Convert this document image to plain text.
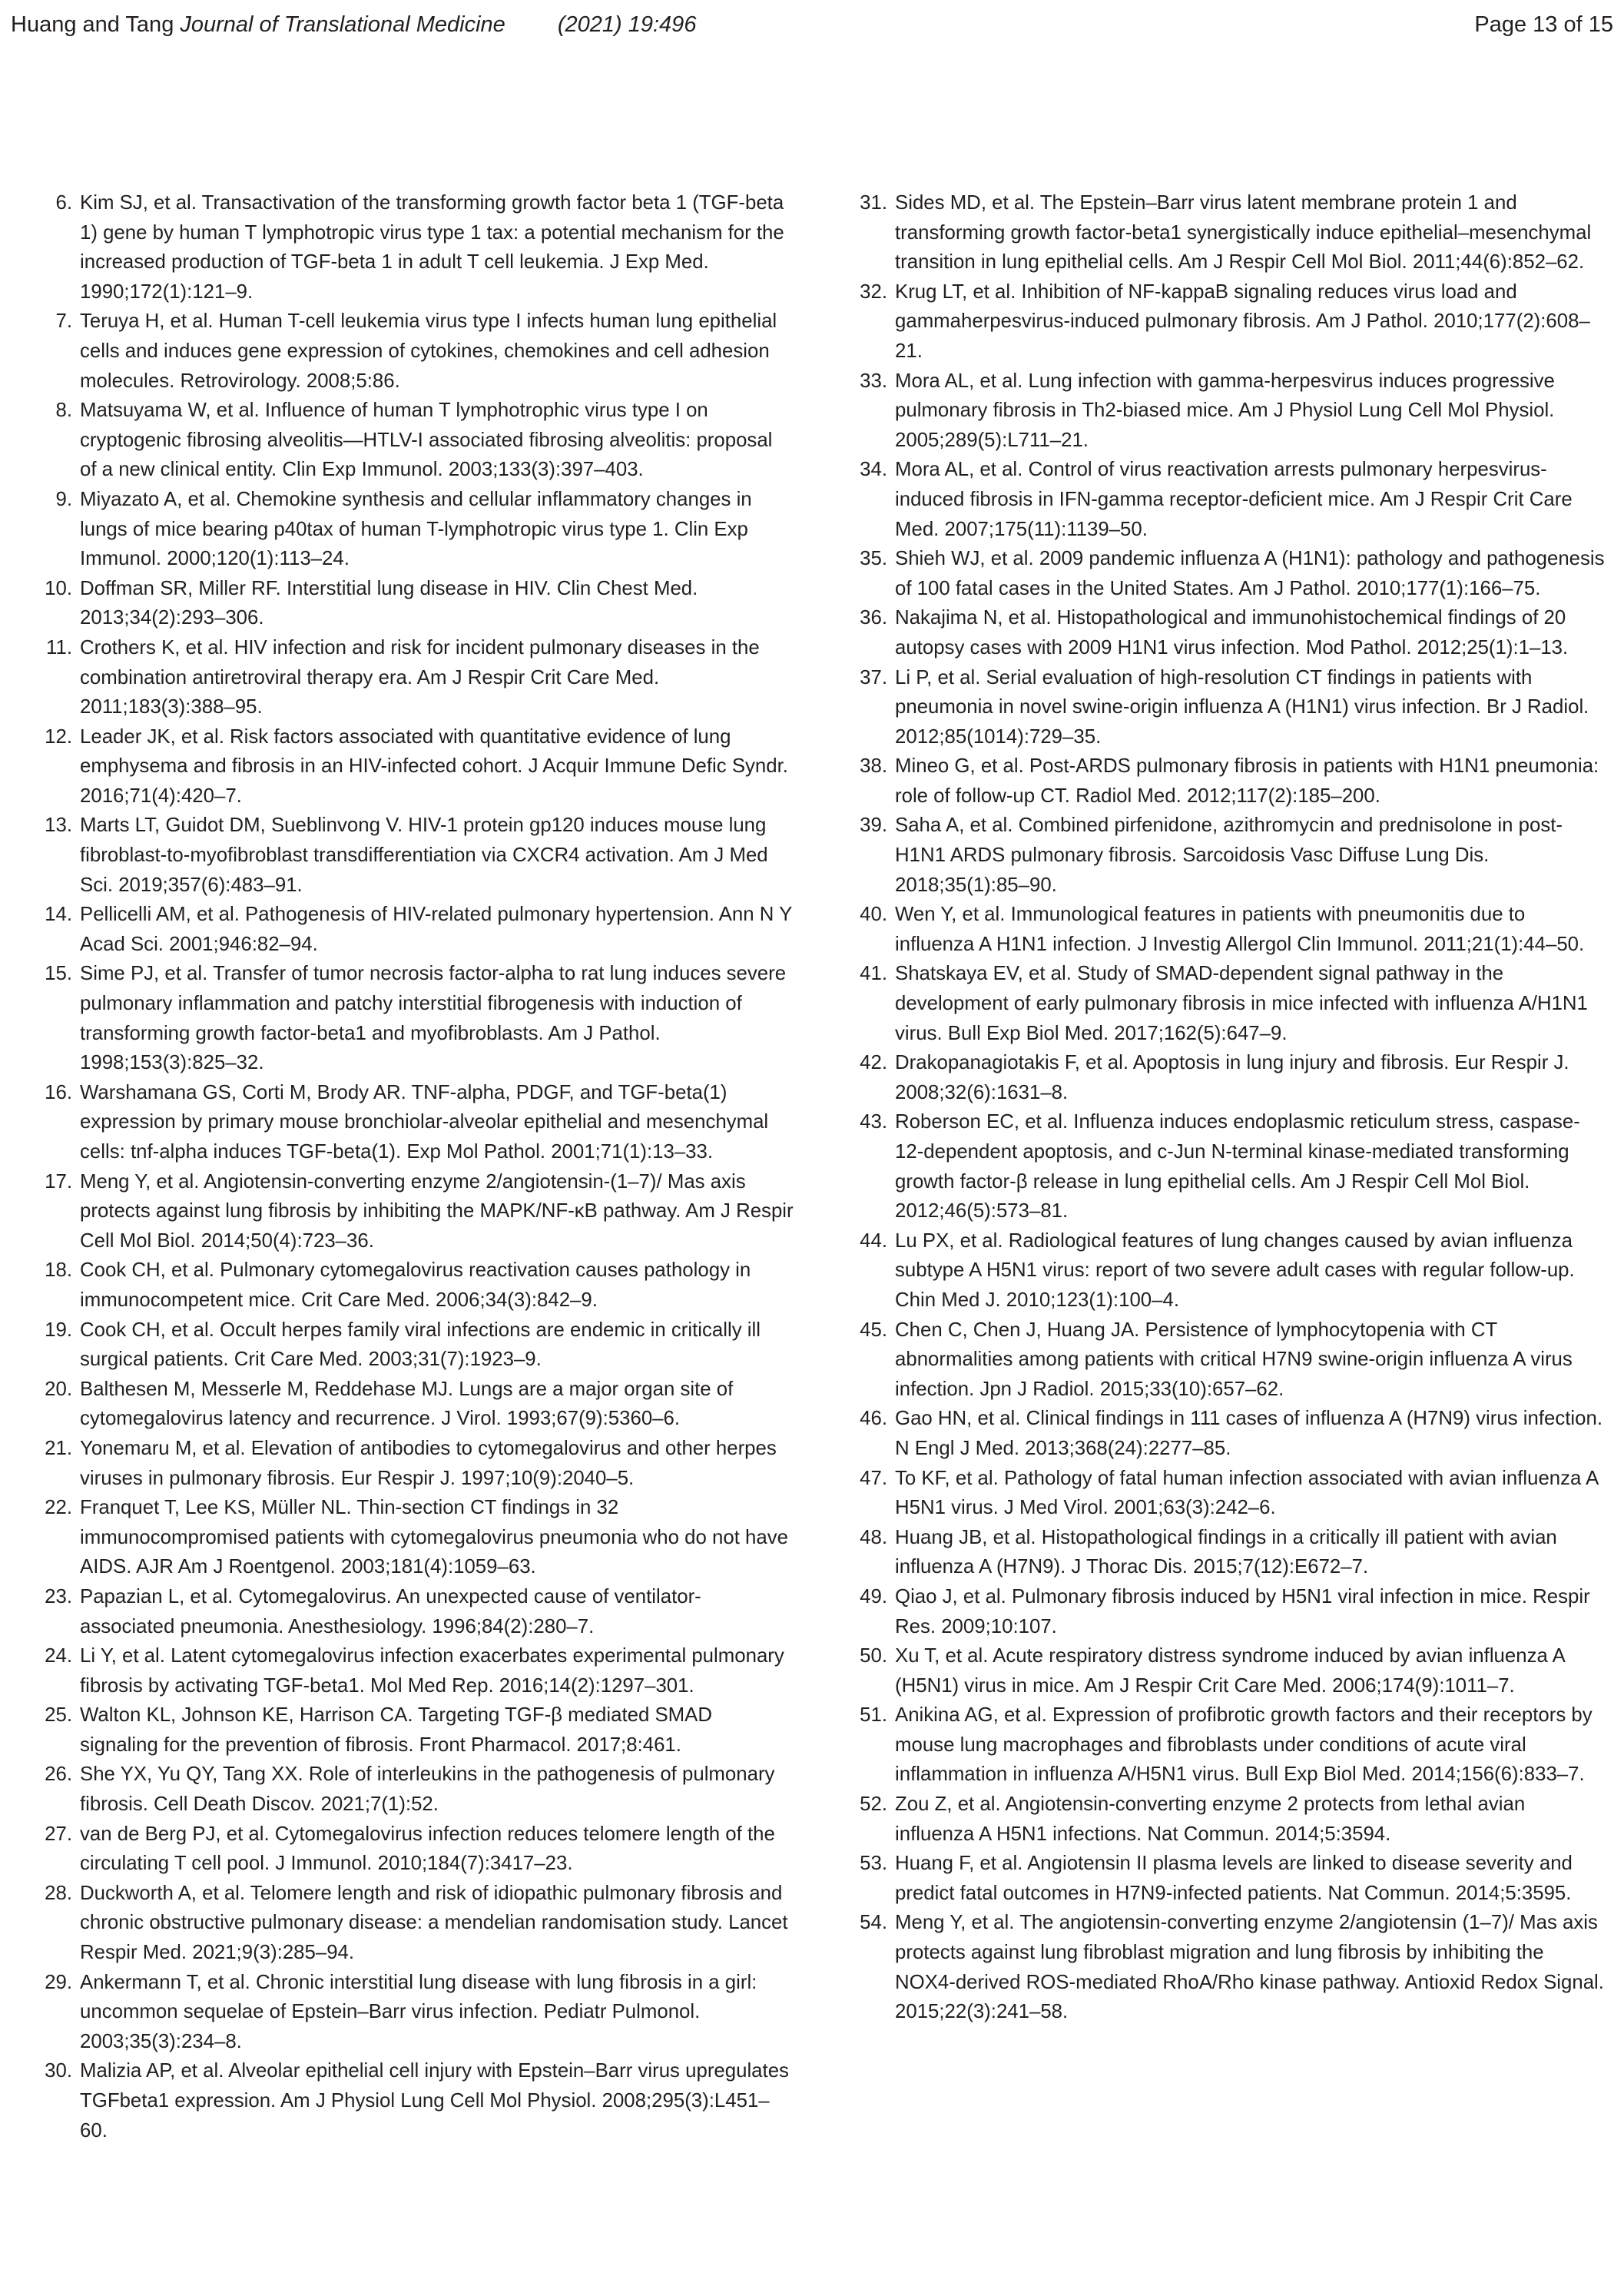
Huang and Tang Journal of Translational Medicine (2021) 19:496	Page 13 of 15
6. Kim SJ, et al. Transactivation of the transforming growth factor beta 1 (TGF-beta 1) gene by human T lymphotropic virus type 1 tax: a potential mechanism for the increased production of TGF-beta 1 in adult T cell leukemia. J Exp Med. 1990;172(1):121–9.
7. Teruya H, et al. Human T-cell leukemia virus type I infects human lung epithelial cells and induces gene expression of cytokines, chemokines and cell adhesion molecules. Retrovirology. 2008;5:86.
8. Matsuyama W, et al. Influence of human T lymphotrophic virus type I on cryptogenic fibrosing alveolitis—HTLV-I associated fibrosing alveolitis: proposal of a new clinical entity. Clin Exp Immunol. 2003;133(3):397–403.
9. Miyazato A, et al. Chemokine synthesis and cellular inflammatory changes in lungs of mice bearing p40tax of human T-lymphotropic virus type 1. Clin Exp Immunol. 2000;120(1):113–24.
10. Doffman SR, Miller RF. Interstitial lung disease in HIV. Clin Chest Med. 2013;34(2):293–306.
11. Crothers K, et al. HIV infection and risk for incident pulmonary diseases in the combination antiretroviral therapy era. Am J Respir Crit Care Med. 2011;183(3):388–95.
12. Leader JK, et al. Risk factors associated with quantitative evidence of lung emphysema and fibrosis in an HIV-infected cohort. J Acquir Immune Defic Syndr. 2016;71(4):420–7.
13. Marts LT, Guidot DM, Sueblinvong V. HIV-1 protein gp120 induces mouse lung fibroblast-to-myofibroblast transdifferentiation via CXCR4 activation. Am J Med Sci. 2019;357(6):483–91.
14. Pellicelli AM, et al. Pathogenesis of HIV-related pulmonary hypertension. Ann N Y Acad Sci. 2001;946:82–94.
15. Sime PJ, et al. Transfer of tumor necrosis factor-alpha to rat lung induces severe pulmonary inflammation and patchy interstitial fibrogenesis with induction of transforming growth factor-beta1 and myofibroblasts. Am J Pathol. 1998;153(3):825–32.
16. Warshamana GS, Corti M, Brody AR. TNF-alpha, PDGF, and TGF-beta(1) expression by primary mouse bronchiolar-alveolar epithelial and mesenchymal cells: tnf-alpha induces TGF-beta(1). Exp Mol Pathol. 2001;71(1):13–33.
17. Meng Y, et al. Angiotensin-converting enzyme 2/angiotensin-(1–7)/ Mas axis protects against lung fibrosis by inhibiting the MAPK/NF-κB pathway. Am J Respir Cell Mol Biol. 2014;50(4):723–36.
18. Cook CH, et al. Pulmonary cytomegalovirus reactivation causes pathology in immunocompetent mice. Crit Care Med. 2006;34(3):842–9.
19. Cook CH, et al. Occult herpes family viral infections are endemic in critically ill surgical patients. Crit Care Med. 2003;31(7):1923–9.
20. Balthesen M, Messerle M, Reddehase MJ. Lungs are a major organ site of cytomegalovirus latency and recurrence. J Virol. 1993;67(9):5360–6.
21. Yonemaru M, et al. Elevation of antibodies to cytomegalovirus and other herpes viruses in pulmonary fibrosis. Eur Respir J. 1997;10(9):2040–5.
22. Franquet T, Lee KS, Müller NL. Thin-section CT findings in 32 immunocompromised patients with cytomegalovirus pneumonia who do not have AIDS. AJR Am J Roentgenol. 2003;181(4):1059–63.
23. Papazian L, et al. Cytomegalovirus. An unexpected cause of ventilator-associated pneumonia. Anesthesiology. 1996;84(2):280–7.
24. Li Y, et al. Latent cytomegalovirus infection exacerbates experimental pulmonary fibrosis by activating TGF-beta1. Mol Med Rep. 2016;14(2):1297–301.
25. Walton KL, Johnson KE, Harrison CA. Targeting TGF-β mediated SMAD signaling for the prevention of fibrosis. Front Pharmacol. 2017;8:461.
26. She YX, Yu QY, Tang XX. Role of interleukins in the pathogenesis of pulmonary fibrosis. Cell Death Discov. 2021;7(1):52.
27. van de Berg PJ, et al. Cytomegalovirus infection reduces telomere length of the circulating T cell pool. J Immunol. 2010;184(7):3417–23.
28. Duckworth A, et al. Telomere length and risk of idiopathic pulmonary fibrosis and chronic obstructive pulmonary disease: a mendelian randomisation study. Lancet Respir Med. 2021;9(3):285–94.
29. Ankermann T, et al. Chronic interstitial lung disease with lung fibrosis in a girl: uncommon sequelae of Epstein–Barr virus infection. Pediatr Pulmonol. 2003;35(3):234–8.
30. Malizia AP, et al. Alveolar epithelial cell injury with Epstein–Barr virus upregulates TGFbeta1 expression. Am J Physiol Lung Cell Mol Physiol. 2008;295(3):L451–60.
31. Sides MD, et al. The Epstein–Barr virus latent membrane protein 1 and transforming growth factor-beta1 synergistically induce epithelial–mesenchymal transition in lung epithelial cells. Am J Respir Cell Mol Biol. 2011;44(6):852–62.
32. Krug LT, et al. Inhibition of NF-kappaB signaling reduces virus load and gammaherpesvirus-induced pulmonary fibrosis. Am J Pathol. 2010;177(2):608–21.
33. Mora AL, et al. Lung infection with gamma-herpesvirus induces progressive pulmonary fibrosis in Th2-biased mice. Am J Physiol Lung Cell Mol Physiol. 2005;289(5):L711–21.
34. Mora AL, et al. Control of virus reactivation arrests pulmonary herpesvirus-induced fibrosis in IFN-gamma receptor-deficient mice. Am J Respir Crit Care Med. 2007;175(11):1139–50.
35. Shieh WJ, et al. 2009 pandemic influenza A (H1N1): pathology and pathogenesis of 100 fatal cases in the United States. Am J Pathol. 2010;177(1):166–75.
36. Nakajima N, et al. Histopathological and immunohistochemical findings of 20 autopsy cases with 2009 H1N1 virus infection. Mod Pathol. 2012;25(1):1–13.
37. Li P, et al. Serial evaluation of high-resolution CT findings in patients with pneumonia in novel swine-origin influenza A (H1N1) virus infection. Br J Radiol. 2012;85(1014):729–35.
38. Mineo G, et al. Post-ARDS pulmonary fibrosis in patients with H1N1 pneumonia: role of follow-up CT. Radiol Med. 2012;117(2):185–200.
39. Saha A, et al. Combined pirfenidone, azithromycin and prednisolone in post-H1N1 ARDS pulmonary fibrosis. Sarcoidosis Vasc Diffuse Lung Dis. 2018;35(1):85–90.
40. Wen Y, et al. Immunological features in patients with pneumonitis due to influenza A H1N1 infection. J Investig Allergol Clin Immunol. 2011;21(1):44–50.
41. Shatskaya EV, et al. Study of SMAD-dependent signal pathway in the development of early pulmonary fibrosis in mice infected with influenza A/H1N1 virus. Bull Exp Biol Med. 2017;162(5):647–9.
42. Drakopanagiotakis F, et al. Apoptosis in lung injury and fibrosis. Eur Respir J. 2008;32(6):1631–8.
43. Roberson EC, et al. Influenza induces endoplasmic reticulum stress, caspase-12-dependent apoptosis, and c-Jun N-terminal kinase-mediated transforming growth factor-β release in lung epithelial cells. Am J Respir Cell Mol Biol. 2012;46(5):573–81.
44. Lu PX, et al. Radiological features of lung changes caused by avian influenza subtype A H5N1 virus: report of two severe adult cases with regular follow-up. Chin Med J. 2010;123(1):100–4.
45. Chen C, Chen J, Huang JA. Persistence of lymphocytopenia with CT abnormalities among patients with critical H7N9 swine-origin influenza A virus infection. Jpn J Radiol. 2015;33(10):657–62.
46. Gao HN, et al. Clinical findings in 111 cases of influenza A (H7N9) virus infection. N Engl J Med. 2013;368(24):2277–85.
47. To KF, et al. Pathology of fatal human infection associated with avian influenza A H5N1 virus. J Med Virol. 2001;63(3):242–6.
48. Huang JB, et al. Histopathological findings in a critically ill patient with avian influenza A (H7N9). J Thorac Dis. 2015;7(12):E672–7.
49. Qiao J, et al. Pulmonary fibrosis induced by H5N1 viral infection in mice. Respir Res. 2009;10:107.
50. Xu T, et al. Acute respiratory distress syndrome induced by avian influenza A (H5N1) virus in mice. Am J Respir Crit Care Med. 2006;174(9):1011–7.
51. Anikina AG, et al. Expression of profibrotic growth factors and their receptors by mouse lung macrophages and fibroblasts under conditions of acute viral inflammation in influenza A/H5N1 virus. Bull Exp Biol Med. 2014;156(6):833–7.
52. Zou Z, et al. Angiotensin-converting enzyme 2 protects from lethal avian influenza A H5N1 infections. Nat Commun. 2014;5:3594.
53. Huang F, et al. Angiotensin II plasma levels are linked to disease severity and predict fatal outcomes in H7N9-infected patients. Nat Commun. 2014;5:3595.
54. Meng Y, et al. The angiotensin-converting enzyme 2/angiotensin (1–7)/ Mas axis protects against lung fibroblast migration and lung fibrosis by inhibiting the NOX4-derived ROS-mediated RhoA/Rho kinase pathway. Antioxid Redox Signal. 2015;22(3):241–58.
